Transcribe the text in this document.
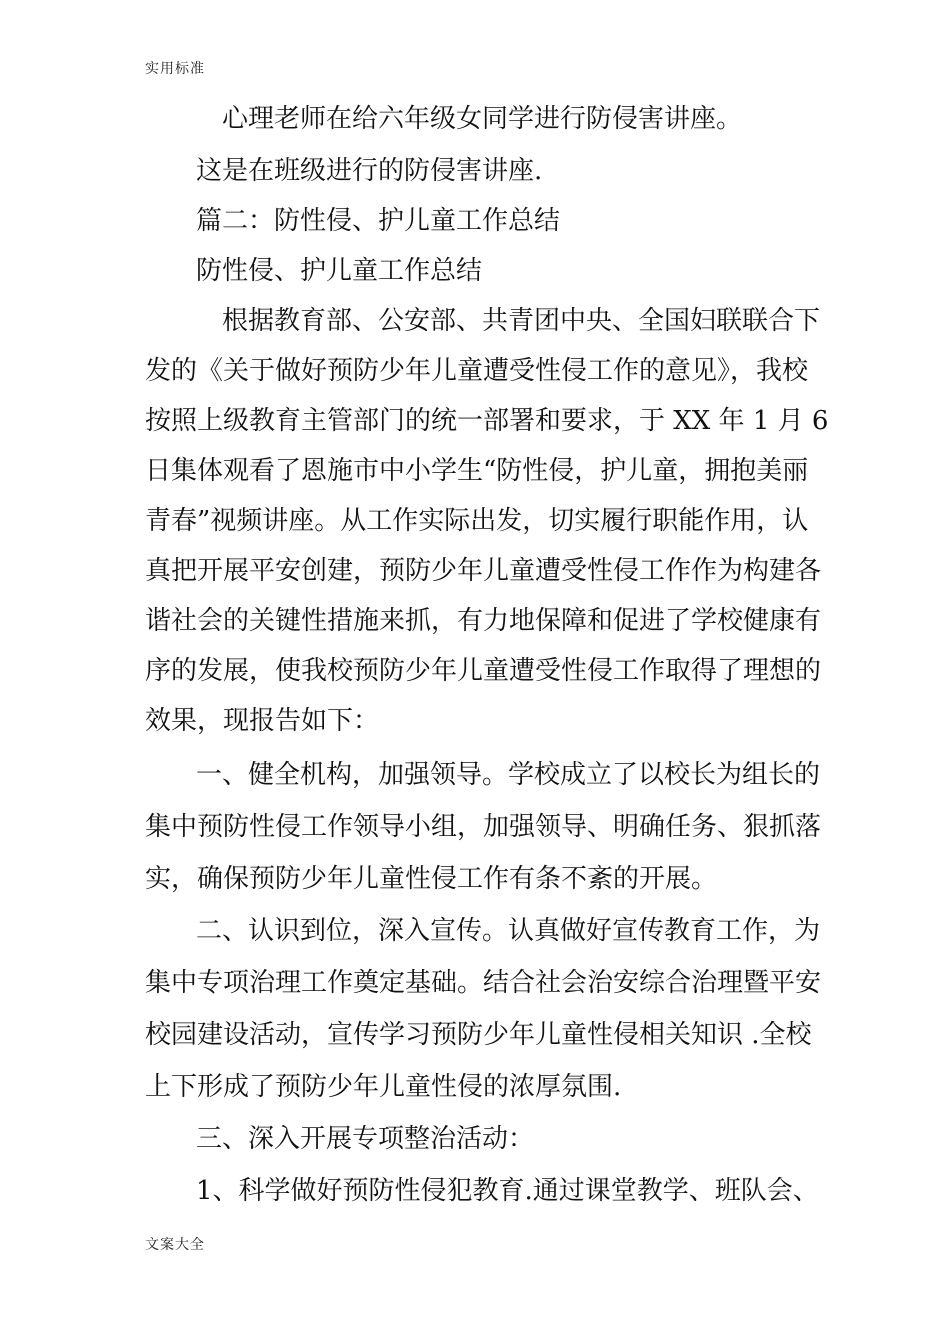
实用标准
心理老师在给六年级女同学进行防侵害讲座。
这是在班级进行的防侵害讲座.
篇二：防性侵、护儿童工作总结
防性侵、护儿童工作总结
根据教育部、公安部、共青团中央、全国妇联联合下
发的《关于做好预防少年儿童遭受性侵工作的意见》，我校
按照上级教育主管部门的统一部署和要求，于 XX 年 1 月 6
日集体观看了恩施市中小学生“防性侵，护儿童，拥抱美丽
青春”视频讲座。从工作实际出发，切实履行职能作用，认
真把开展平安创建，预防少年儿童遭受性侵工作作为构建各
谐社会的关键性措施来抓，有力地保障和促进了学校健康有
序的发展，使我校预防少年儿童遭受性侵工作取得了理想的
效果，现报告如下：
一、健全机构，加强领导。学校成立了以校长为组长的
集中预防性侵工作领导小组，加强领导、明确任务、狠抓落
实，确保预防少年儿童性侵工作有条不紊的开展。
二、认识到位，深入宣传。认真做好宣传教育工作，为
集中专项治理工作奠定基础。结合社会治安综合治理暨平安
校园建设活动，宣传学习预防少年儿童性侵相关知识 .全校
上下形成了预防少年儿童性侵的浓厚氛围.
三、深入开展专项整治活动：
1、科学做好预防性侵犯教育.通过课堂教学、班队会、
文案大全
